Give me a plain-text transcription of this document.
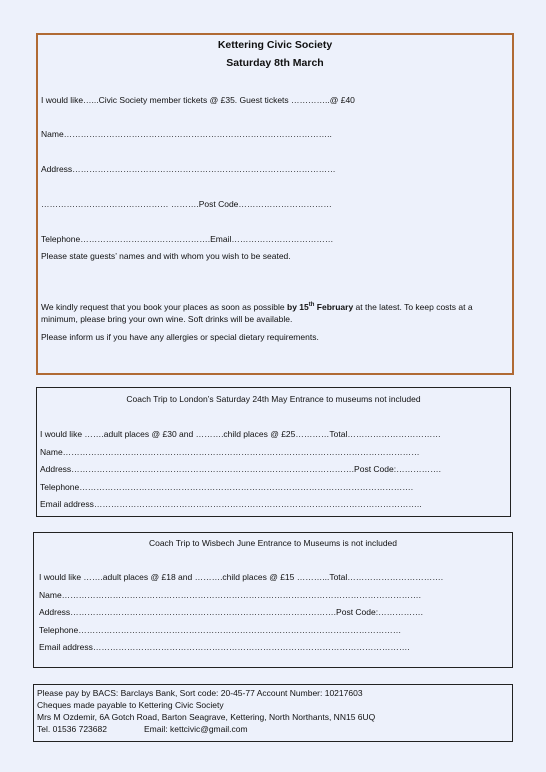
Kettering Civic Society
Saturday 8th March
I would like…...Civic Society member tickets @ £35. Guest tickets …………..@ £40
Name…………………………………………………………………………………..
Address…………………………………………………………………………………
……………………………………… ……….Post Code……………………………
Telephone……………………………………….Email………………………………
Please state guests’ names and with whom you wish to be seated.
We kindly request that you book your places as soon as possible by 15th February at the latest. To keep costs at a minimum, please bring your own wine. Soft drinks will be available.
Please inform us if you have any allergies or special dietary requirements.
Coach Trip to London’s Saturday 24th May Entrance to museums not included
I would like …….adult places @ £30 and ……….child places @ £25…………Total……………………………
Name………………………………………………………………………………………………………………
Address……………………………………………………………………………………….Post Code:…………….
Telephone……………………………………………………………………………………………………….
Email address……………………………………………………………………………………………………..
Coach Trip to Wisbech June Entrance to Museums is not included
I would like …….adult places @ £18 and ……….child places @ £15 ………...Total…………………………….
Name……………………………………………………………………………………………………………….
Address………………………………………………………………………………….Post Code:…………….
Telephone……………………………………………………………………………………………………
Email address………………………………………………………………………………………………….
Please pay by BACS: Barclays Bank, Sort code: 20-45-77 Account Number: 10217603
Cheques made payable to Kettering Civic Society
Mrs M Ozdemir, 6A Gotch Road, Barton Seagrave, Kettering, North Northants, NN15 6UQ
Tel. 01536 723682	Email: kettcivic@gmail.com
